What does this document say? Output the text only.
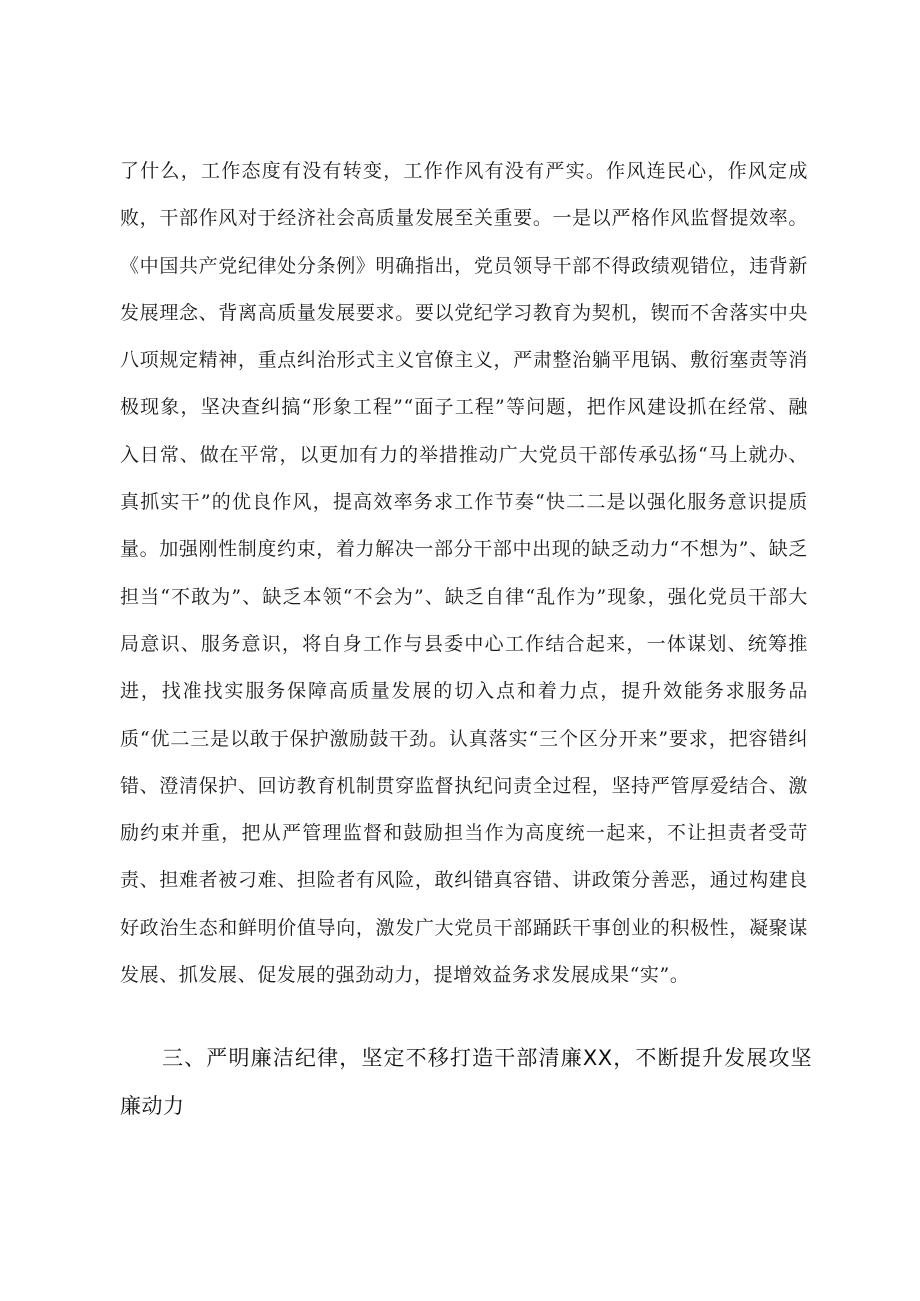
了什么，工作态度有没有转变，工作作风有没有严实。作风连民心，作风定成败，干部作风对于经济社会高质量发展至关重要。一是以严格作风监督提效率。《中国共产党纪律处分条例》明确指出，党员领导干部不得政绩观错位，违背新发展理念、背离高质量发展要求。要以党纪学习教育为契机，锲而不舍落实中央八项规定精神，重点纠治形式主义官僚主义，严肃整治躺平甩锅、敷衍塞责等消极现象，坚决查纠搞“形象工程”“面子工程”等问题，把作风建设抓在经常、融入日常、做在平常，以更加有力的举措推动广大党员干部传承弘扬“马上就办、真抓实干”的优良作风，提高效率务求工作节奏“快二二是以强化服务意识提质量。加强刚性制度约束，着力解决一部分干部中出现的缺乏动力“不想为”、缺乏担当“不敢为”、缺乏本领“不会为”、缺乏自律“乱作为”现象，强化党员干部大局意识、服务意识，将自身工作与县委中心工作结合起来，一体谋划、统筹推进，找准找实服务保障高质量发展的切入点和着力点，提升效能务求服务品质“优二三是以敢于保护激励鼓干劲。认真落实“三个区分开来”要求，把容错纠错、澄清保护、回访教育机制贯穿监督执纪问责全过程，坚持严管厚爱结合、激励约束并重，把从严管理监督和鼓励担当作为高度统一起来，不让担责者受苛责、担难者被刁难、担险者有风险，敢纠错真容错、讲政策分善恶，通过构建良好政治生态和鲜明价值导向，激发广大党员干部踊跃干事创业的积极性，凝聚谋发展、抓发展、促发展的强劲动力，提增效益务求发展成果“实”。

三、严明廉洁纪律，坚定不移打造干部清廉XX，不断提升发展攻坚廉动力
